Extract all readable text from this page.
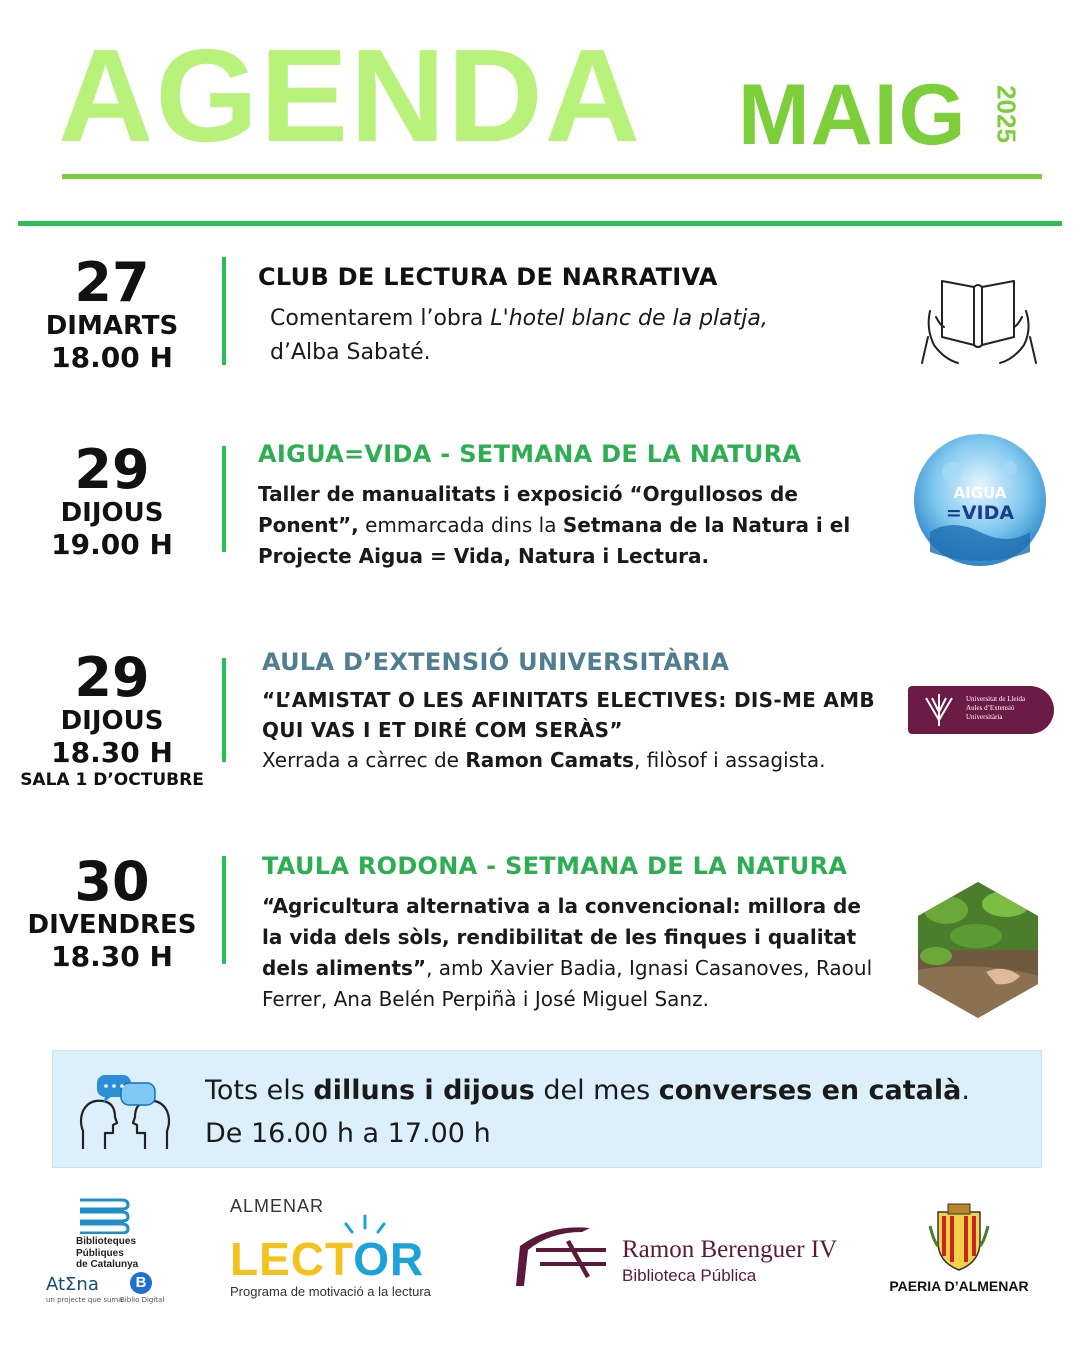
AGENDA MAIG 2025
27
DIMARTS
18.00 H
CLUB DE LECTURA DE NARRATIVA
Comentarem l’obra L'hotel blanc de la platja,
d’Alba Sabaté.
29
DIJOUS
19.00 H
AIGUA=VIDA - SETMANA DE LA NATURA
Taller de manualitats i exposició “Orgullosos de Ponent”, emmarcada dins la Setmana de la Natura i el Projecte Aigua = Vida, Natura i Lectura.
AIGUA
=VIDA
29
DIJOUS
18.30 H
SALA 1 D’OCTUBRE
AULA D’EXTENSIÓ UNIVERSITÀRIA
“L’AMISTAT O LES AFINITATS ELECTIVES: DIS-ME AMB QUI VAS I ET DIRÉ COM SERÀS”
Xerrada a càrrec de Ramon Camats, filòsof i assagista.
Universitat de Lleida
Aules d’Extensió
Universitària
30
DIVENDRES
18.30 H
TAULA RODONA - SETMANA DE LA NATURA
“Agricultura alternativa a la convencional: millora de la vida dels sòls, rendibilitat de les finques i qualitat dels aliments”, amb Xavier Badia, Ignasi Casanoves, Raoul Ferrer, Ana Belén Perpiñà i José Miguel Sanz.
Tots els dilluns i dijous del mes converses en català.
De 16.00 h a 17.00 h
Biblioteques
Públiques
de Catalunya
AtΣna
un projecte que suma
B
Biblio Digital
ALMENAR
LECTOR
Programa de motivació a la lectura
Ramon Berenguer IV
Biblioteca Pública
PAERIA D’ALMENAR
